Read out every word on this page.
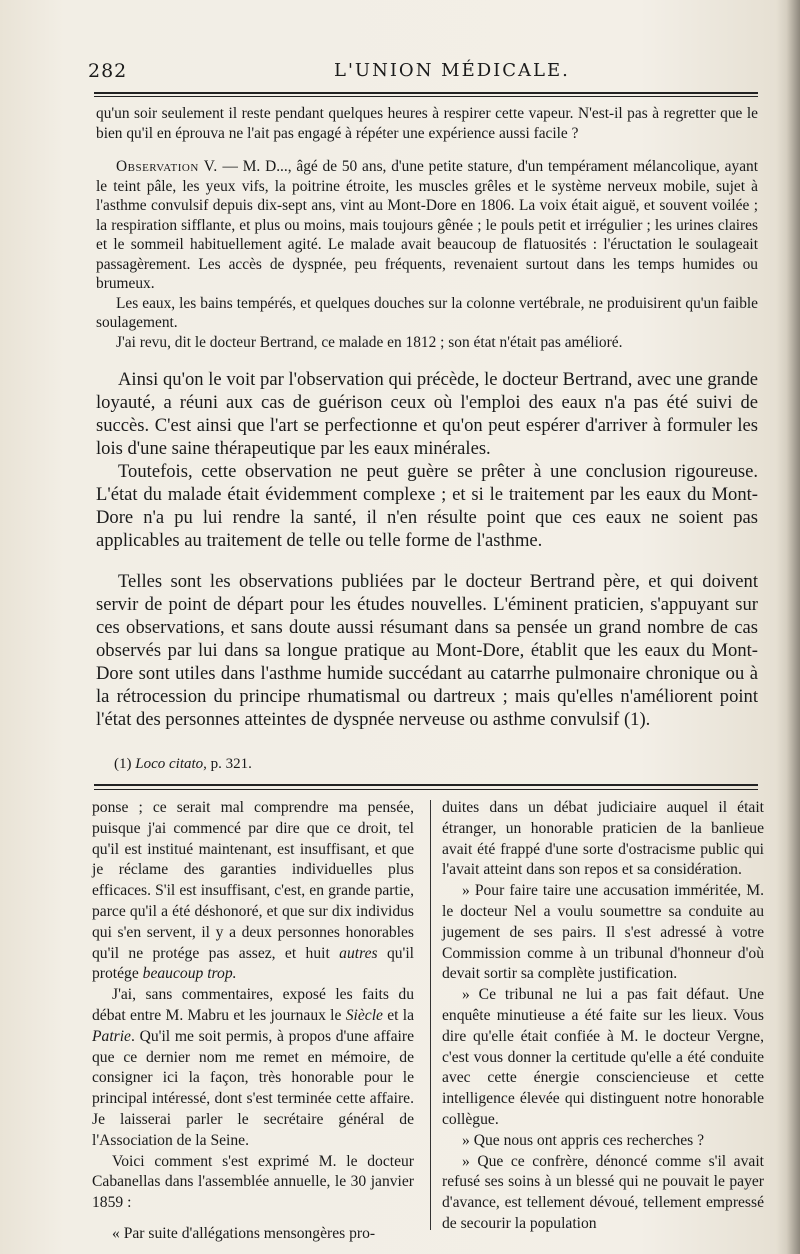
282	L'UNION MÉDICALE.

qu'un soir seulement il reste pendant quelques heures à respirer cette vapeur. N'est-il pas à regretter que le bien qu'il en éprouva ne l'ait pas engagé à répéter une expérience aussi facile ?

Observation V. — M. D..., âgé de 50 ans, d'une petite stature, d'un tempérament mélancolique, ayant le teint pâle, les yeux vifs, la poitrine étroite, les muscles grêles et le système nerveux mobile, sujet à l'asthme convulsif depuis dix-sept ans, vint au Mont-Dore en 1806. La voix était aiguë, et souvent voilée ; la respiration sifflante, et plus ou moins, mais toujours gênée ; le pouls petit et irrégulier ; les urines claires et le sommeil habituellement agité. Le malade avait beaucoup de flatuosités : l'éructation le soulageait passagèrement. Les accès de dyspnée, peu fréquents, revenaient surtout dans les temps humides ou brumeux.

Les eaux, les bains tempérés, et quelques douches sur la colonne vertébrale, ne produisirent qu'un faible soulagement.

J'ai revu, dit le docteur Bertrand, ce malade en 1812 ; son état n'était pas amélioré.

Ainsi qu'on le voit par l'observation qui précède, le docteur Bertrand, avec une grande loyauté, a réuni aux cas de guérison ceux où l'emploi des eaux n'a pas été suivi de succès. C'est ainsi que l'art se perfectionne et qu'on peut espérer d'arriver à formuler les lois d'une saine thérapeutique par les eaux minérales.

Toutefois, cette observation ne peut guère se prêter à une conclusion rigoureuse. L'état du malade était évidemment complexe ; et si le traitement par les eaux du Mont-Dore n'a pu lui rendre la santé, il n'en résulte point que ces eaux ne soient pas applicables au traitement de telle ou telle forme de l'asthme.

Telles sont les observations publiées par le docteur Bertrand père, et qui doivent servir de point de départ pour les études nouvelles. L'éminent praticien, s'appuyant sur ces observations, et sans doute aussi résumant dans sa pensée un grand nombre de cas observés par lui dans sa longue pratique au Mont-Dore, établit que les eaux du Mont-Dore sont utiles dans l'asthme humide succédant au catarrhe pulmonaire chronique ou à la rétrocession du principe rhumatismal ou dartreux ; mais qu'elles n'améliorent point l'état des personnes atteintes de dyspnée nerveuse ou asthme convulsif (1).

(1) Loco citato, p. 321.

ponse ; ce serait mal comprendre ma pensée, puisque j'ai commencé par dire que ce droit, tel qu'il est institué maintenant, est insuffisant, et que je réclame des garanties individuelles plus efficaces. S'il est insuffisant, c'est, en grande partie, parce qu'il a été déshonoré, et que sur dix individus qui s'en servent, il y a deux personnes honorables qu'il ne protége pas assez, et huit autres qu'il protége beaucoup trop.

J'ai, sans commentaires, exposé les faits du débat entre M. Mabru et les journaux le Siècle et la Patrie. Qu'il me soit permis, à propos d'une affaire que ce dernier nom me remet en mémoire, de consigner ici la façon, très honorable pour le principal intéressé, dont s'est terminée cette affaire. Je laisserai parler le secrétaire général de l'Association de la Seine.

Voici comment s'est exprimé M. le docteur Cabanellas dans l'assemblée annuelle, le 30 janvier 1859 :

« Par suite d'allégations mensongères pro-

duites dans un débat judiciaire auquel il était étranger, un honorable praticien de la banlieue avait été frappé d'une sorte d'ostracisme public qui l'avait atteint dans son repos et sa considération.

» Pour faire taire une accusation imméritée, M. le docteur Nel a voulu soumettre sa conduite au jugement de ses pairs. Il s'est adressé à votre Commission comme à un tribunal d'honneur d'où devait sortir sa complète justification.

» Ce tribunal ne lui a pas fait défaut. Une enquête minutieuse a été faite sur les lieux. Vous dire qu'elle était confiée à M. le docteur Vergne, c'est vous donner la certitude qu'elle a été conduite avec cette énergie consciencieuse et cette intelligence élevée qui distinguent notre honorable collègue.

» Que nous ont appris ces recherches ?

» Que ce confrère, dénoncé comme s'il avait refusé ses soins à un blessé qui ne pouvait le payer d'avance, est tellement dévoué, tellement empressé de secourir la population
